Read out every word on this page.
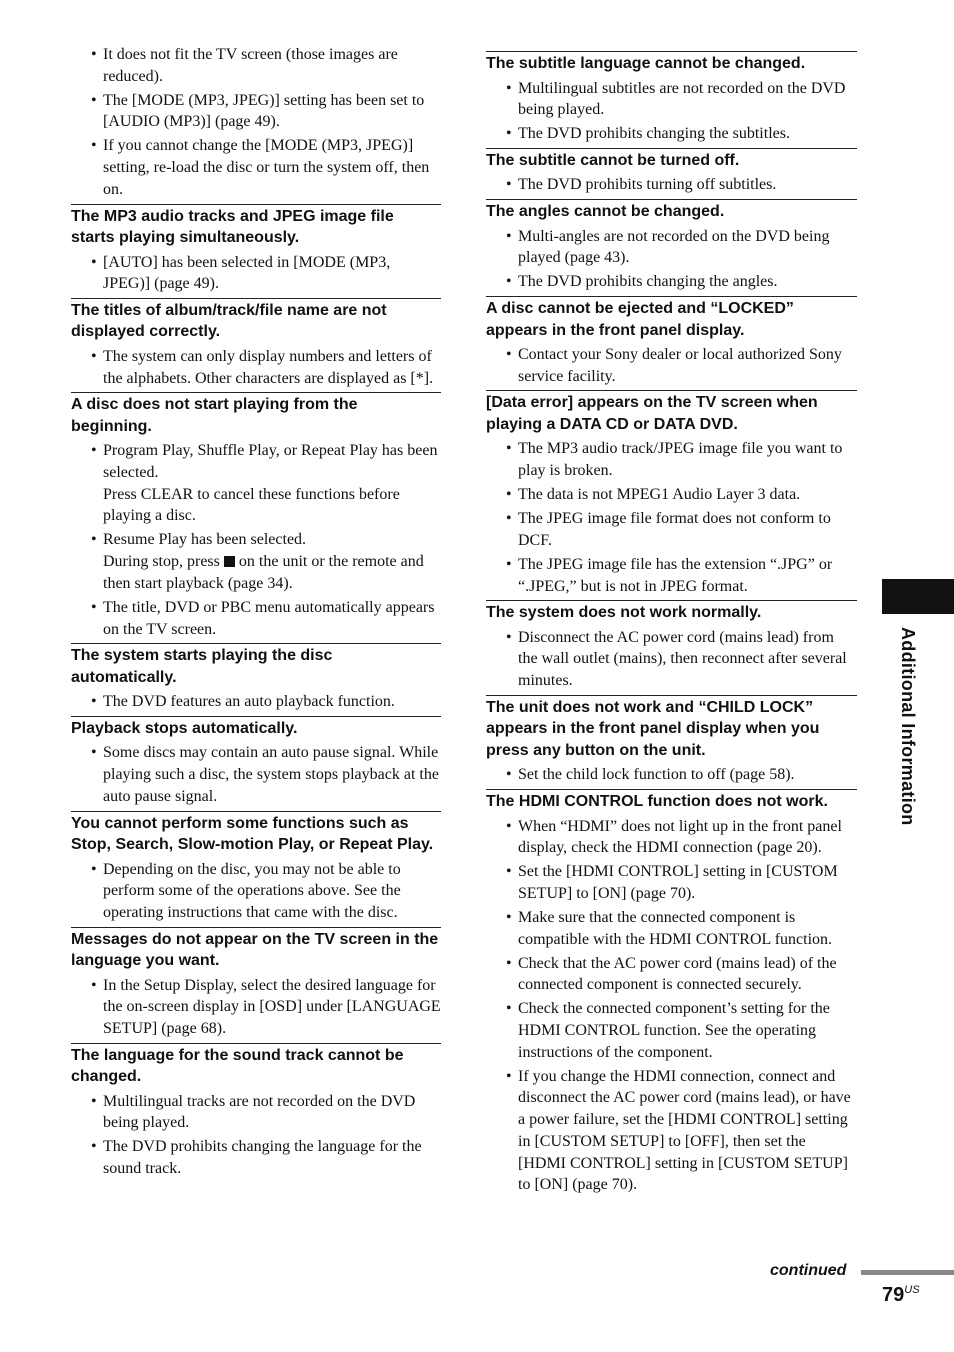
• It does not fit the TV screen (those images are reduced).
• The [MODE (MP3, JPEG)] setting has been set to [AUDIO (MP3)] (page 49).
• If you cannot change the [MODE (MP3, JPEG)] setting, re-load the disc or turn the system off, then on.
The MP3 audio tracks and JPEG image file starts playing simultaneously.
• [AUTO] has been selected in [MODE (MP3, JPEG)] (page 49).
The titles of album/track/file name are not displayed correctly.
• The system can only display numbers and letters of the alphabets. Other characters are displayed as [*].
A disc does not start playing from the beginning.
• Program Play, Shuffle Play, or Repeat Play has been selected.
Press CLEAR to cancel these functions before playing a disc.
• Resume Play has been selected.
During stop, press on the unit or the remote and then start playback (page 34).
• The title, DVD or PBC menu automatically appears on the TV screen.
The system starts playing the disc automatically.
• The DVD features an auto playback function.
Playback stops automatically.
• Some discs may contain an auto pause signal. While playing such a disc, the system stops playback at the auto pause signal.
You cannot perform some functions such as Stop, Search, Slow-motion Play, or Repeat Play.
• Depending on the disc, you may not be able to perform some of the operations above. See the operating instructions that came with the disc.
Messages do not appear on the TV screen in the language you want.
• In the Setup Display, select the desired language for the on-screen display in [OSD] under [LANGUAGE SETUP] (page 68).
The language for the sound track cannot be changed.
• Multilingual tracks are not recorded on the DVD being played.
• The DVD prohibits changing the language for the sound track.
The subtitle language cannot be changed.
• Multilingual subtitles are not recorded on the DVD being played.
• The DVD prohibits changing the subtitles.
The subtitle cannot be turned off.
• The DVD prohibits turning off subtitles.
The angles cannot be changed.
• Multi-angles are not recorded on the DVD being played (page 43).
• The DVD prohibits changing the angles.
A disc cannot be ejected and “LOCKED” appears in the front panel display.
• Contact your Sony dealer or local authorized Sony service facility.
[Data error] appears on the TV screen when playing a DATA CD or DATA DVD.
• The MP3 audio track/JPEG image file you want to play is broken.
• The data is not MPEG1 Audio Layer 3 data.
• The JPEG image file format does not conform to DCF.
• The JPEG image file has the extension “.JPG” or “.JPEG,” but is not in JPEG format.
The system does not work normally.
• Disconnect the AC power cord (mains lead) from the wall outlet (mains), then reconnect after several minutes.
The unit does not work and “CHILD LOCK” appears in the front panel display when you press any button on the unit.
• Set the child lock function to off (page 58).
The HDMI CONTROL function does not work.
• When “HDMI” does not light up in the front panel display, check the HDMI connection (page 20).
• Set the [HDMI CONTROL] setting in [CUSTOM SETUP] to [ON] (page 70).
• Make sure that the connected component is compatible with the HDMI CONTROL function.
• Check that the AC power cord (mains lead) of the connected component is connected securely.
• Check the connected component’s setting for the HDMI CONTROL function. See the operating instructions of the component.
• If you change the HDMI connection, connect and disconnect the AC power cord (mains lead), or have a power failure, set the [HDMI CONTROL] setting in [CUSTOM SETUP] to [OFF], then set the [HDMI CONTROL] setting in [CUSTOM SETUP] to [ON] (page 70).
Additional Information
continued
$79^{US}$
